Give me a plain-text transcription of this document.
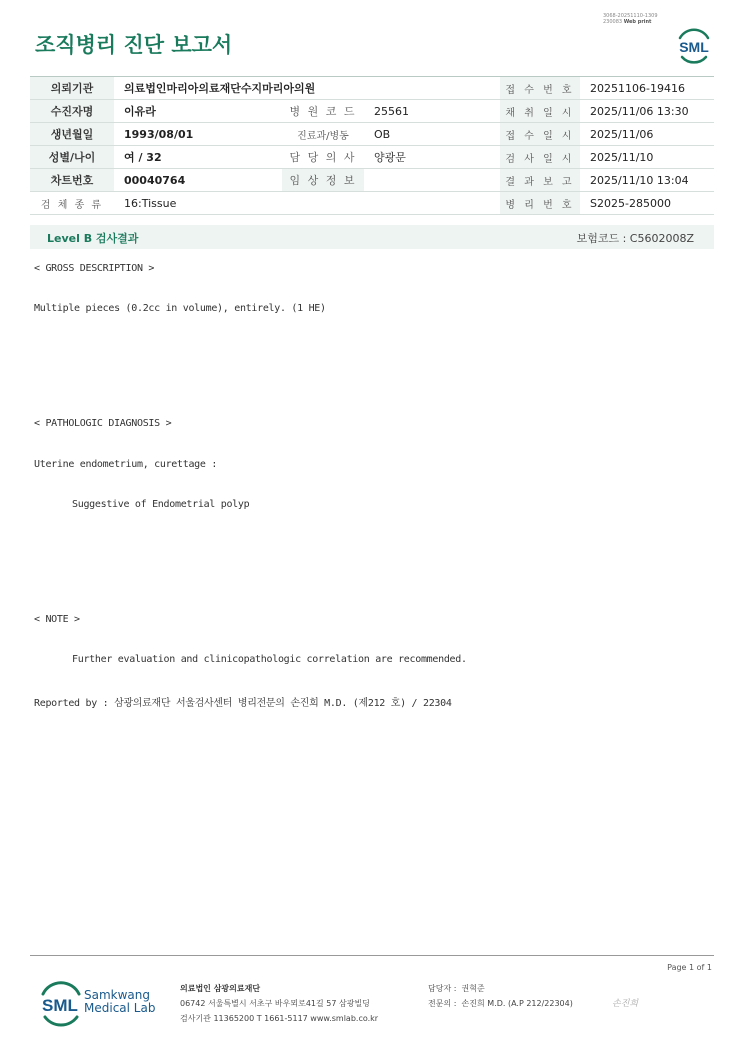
3068-20251110-1309
230083 Web print
조직병리 진단 보고서	SML
의뢰기관	의료법인마리아의료재단수지마리아의원			접 수 번 호	20251106-19416
수진자명	이유라	병 원 코 드	25561	채 취 일 시	2025/11/06 13:30
생년월일	1993/08/01	진료과/병동	OB	접 수 일 시	2025/11/06
성별/나이	여 / 32	담 당 의 사	양광문	검 사 일 시	2025/11/10
차트번호	00040764	임 상 정 보		결 과 보 고	2025/11/10 13:04
검 체 종 류	16:Tissue			병 리 번 호	S2025-285000
Level B 검사결과	보험코드 : C5602008Z
< GROSS DESCRIPTION >
Multiple pieces (0.2cc in volume), entirely. (1 HE)
< PATHOLOGIC DIAGNOSIS >
Uterine endometrium, curettage :
Suggestive of Endometrial polyp
< NOTE >
Further evaluation and clinicopathologic correlation are recommended.
Reported by : 삼광의료재단 서울검사센터 병리전문의 손진희 M.D. (제212 호) / 22304
Page 1 of 1
SML
Samkwang
Medical Lab
의료법인 삼광의료재단
06742 서울특별시 서초구 바우뫼로41길 57 삼광빌딩
검사기관 11365200 T 1661-5117 www.smlab.co.kr
담당자 : 권혁준
전문의 : 손진희 M.D. (A.P 212/22304)	손진희
